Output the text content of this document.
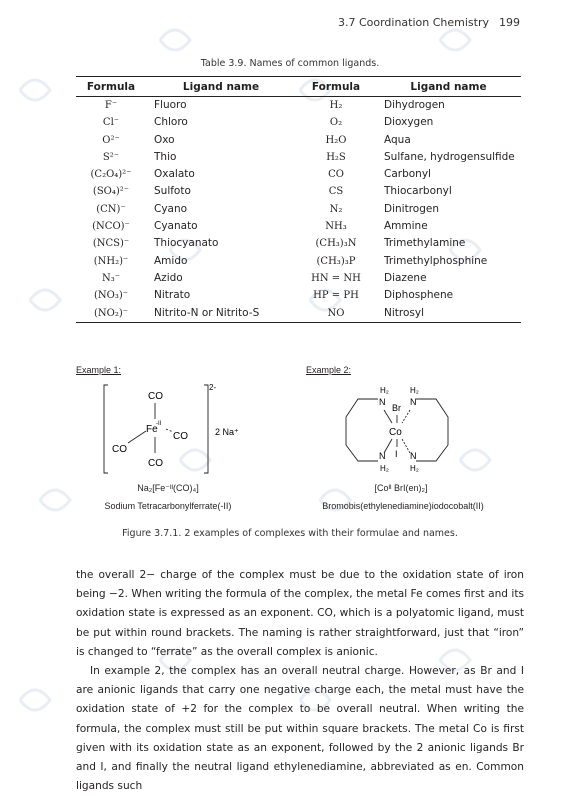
3.7 Coordination Chemistry 199
Table 3.9. Names of common ligands.
Formula	Ligand name	Formula	Ligand name
F⁻	Fluoro	H₂	Dihydrogen
Cl⁻	Chloro	O₂	Dioxygen
O²⁻	Oxo	H₂O	Aqua
S²⁻	Thio	H₂S	Sulfane, hydrogensulfide
(C₂O₄)²⁻	Oxalato	CO	Carbonyl
(SO₄)²⁻	Sulfoto	CS	Thiocarbonyl
(CN)⁻	Cyano	N₂	Dinitrogen
(NCO)⁻	Cyanato	NH₃	Ammine
(NCS)⁻	Thiocyanato	(CH₃)₃N	Trimethylamine
(NH₂)⁻	Amido	(CH₃)₃P	Trimethylphosphine
N₃⁻	Azido	HN = NH	Diazene
(NO₃)⁻	Nitrato	HP = PH	Diphosphene
(NO₂)⁻	Nitrito-N or Nitrito-S	NO	Nitrosyl
Example 1:	Example 2:
CO
Fe
-II
CO
CO
CO
2-
2 Na⁺
H₂	H₂
N	N
Br
Co
I
N	N
H₂	H₂
Na₂[Fe⁻ᴵᴵ(CO)₄]
Sodium Tetracarbonylferrate(-II)
[Coᴵᴵ BrI(en)₂]
Bromobis(ethylenediamine)iodocobalt(II)
Figure 3.7.1. 2 examples of complexes with their formulae and names.

the overall 2− charge of the complex must be due to the oxidation state of iron being −2. When writing the formula of the complex, the metal Fe comes first and its oxidation state is expressed as an exponent. CO, which is a polyatomic ligand, must be put within round brackets. The naming is rather straightforward, just that “iron” is changed to “ferrate” as the overall complex is anionic.

In example 2, the complex has an overall neutral charge. However, as Br and I are anionic ligands that carry one negative charge each, the metal must have the oxidation state of +2 for the complex to be overall neutral. When writing the formula, the complex must still be put within square brackets. The metal Co is first given with its oxidation state as an exponent, followed by the 2 anionic ligands Br and I, and finally the neutral ligand ethylenediamine, abbreviated as en. Common ligands such
